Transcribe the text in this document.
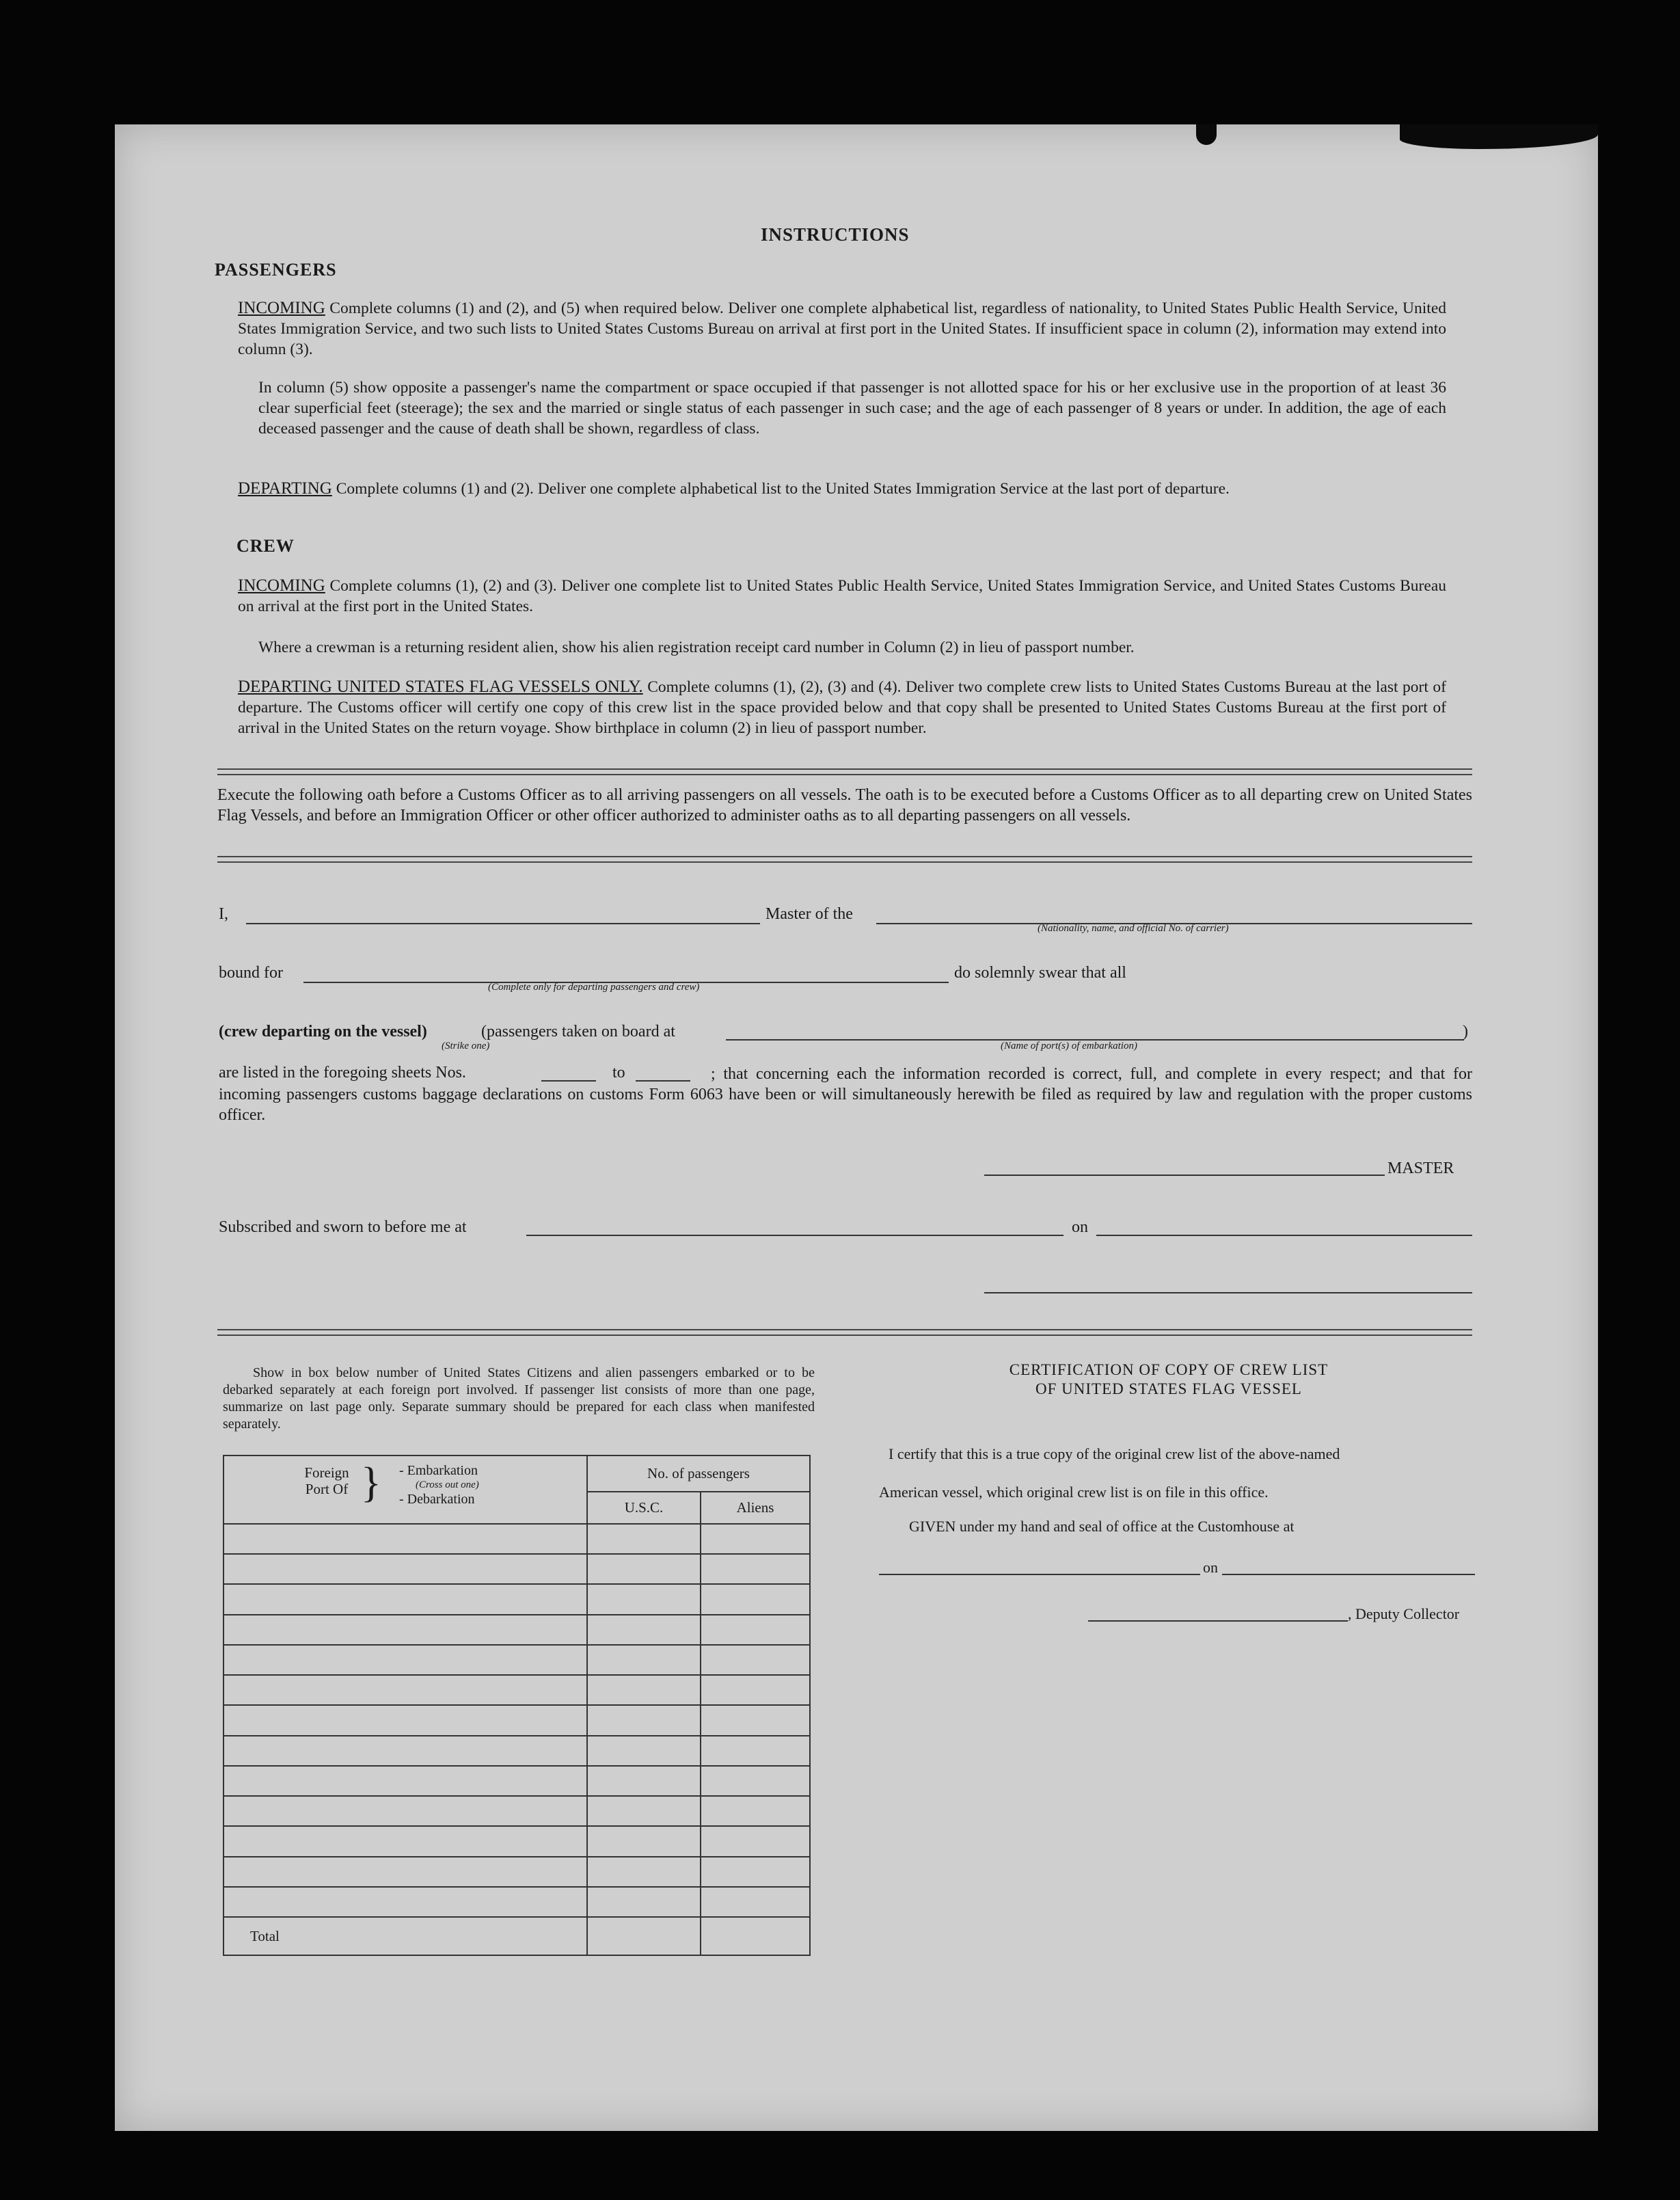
INSTRUCTIONS
PASSENGERS
INCOMING Complete columns (1) and (2), and (5) when required below. Deliver one complete alphabetical list, regardless of nationality, to United States Public Health Service, United States Immigration Service, and two such lists to United States Customs Bureau on arrival at first port in the United States. If insufficient space in column (2), information may extend into column (3).
In column (5) show opposite a passenger's name the compartment or space occupied if that passenger is not allotted space for his or her exclusive use in the proportion of at least 36 clear superficial feet (steerage); the sex and the married or single status of each passenger in such case; and the age of each passenger of 8 years or under. In addition, the age of each deceased passenger and the cause of death shall be shown, regardless of class.
DEPARTING Complete columns (1) and (2). Deliver one complete alphabetical list to the United States Immigration Service at the last port of departure.
CREW
INCOMING Complete columns (1), (2) and (3). Deliver one complete list to United States Public Health Service, United States Immigration Service, and United States Customs Bureau on arrival at the first port in the United States.
Where a crewman is a returning resident alien, show his alien registration receipt card number in Column (2) in lieu of passport number.
DEPARTING UNITED STATES FLAG VESSELS ONLY. Complete columns (1), (2), (3) and (4). Deliver two complete crew lists to United States Customs Bureau at the last port of departure. The Customs officer will certify one copy of this crew list in the space provided below and that copy shall be presented to United States Customs Bureau at the first port of arrival in the United States on the return voyage. Show birthplace in column (2) in lieu of passport number.
Execute the following oath before a Customs Officer as to all arriving passengers on all vessels. The oath is to be executed before a Customs Officer as to all departing crew on United States Flag Vessels, and before an Immigration Officer or other officer authorized to administer oaths as to all departing passengers on all vessels.
I,	Master of the
(Nationality, name, and official No. of carrier)
bound for
(Complete only for departing passengers and crew)
do solemnly swear that all
(crew departing on the vessel)
(Strike one)
(passengers taken on board at
(Name of port(s) of embarkation)
)
are listed in the foregoing sheets Nos.	to	; that concerning each the information recorded is correct, full, and complete in every respect; and that for incoming passengers customs baggage declarations on customs Form 6063 have been or will simultaneously herewith be filed as required by law and regulation with the proper customs officer.
MASTER
Subscribed and sworn to before me at	on
Show in box below number of United States Citizens and alien passengers embarked or to be debarked separately at each foreign port involved. If passenger list consists of more than one page, summarize on last page only. Separate summary should be prepared for each class when manifested separately.
Foreign Port Of } - Embarkation
(Cross out one)
- Debarkation	No. of passengers	
	U.S.C.	Aliens

Total		
CERTIFICATION OF COPY OF CREW LIST
OF UNITED STATES FLAG VESSEL
I certify that this is a true copy of the original crew list of the above-named
American vessel, which original crew list is on file in this office.
GIVEN under my hand and seal of office at the Customhouse at
on
, Deputy Collector
